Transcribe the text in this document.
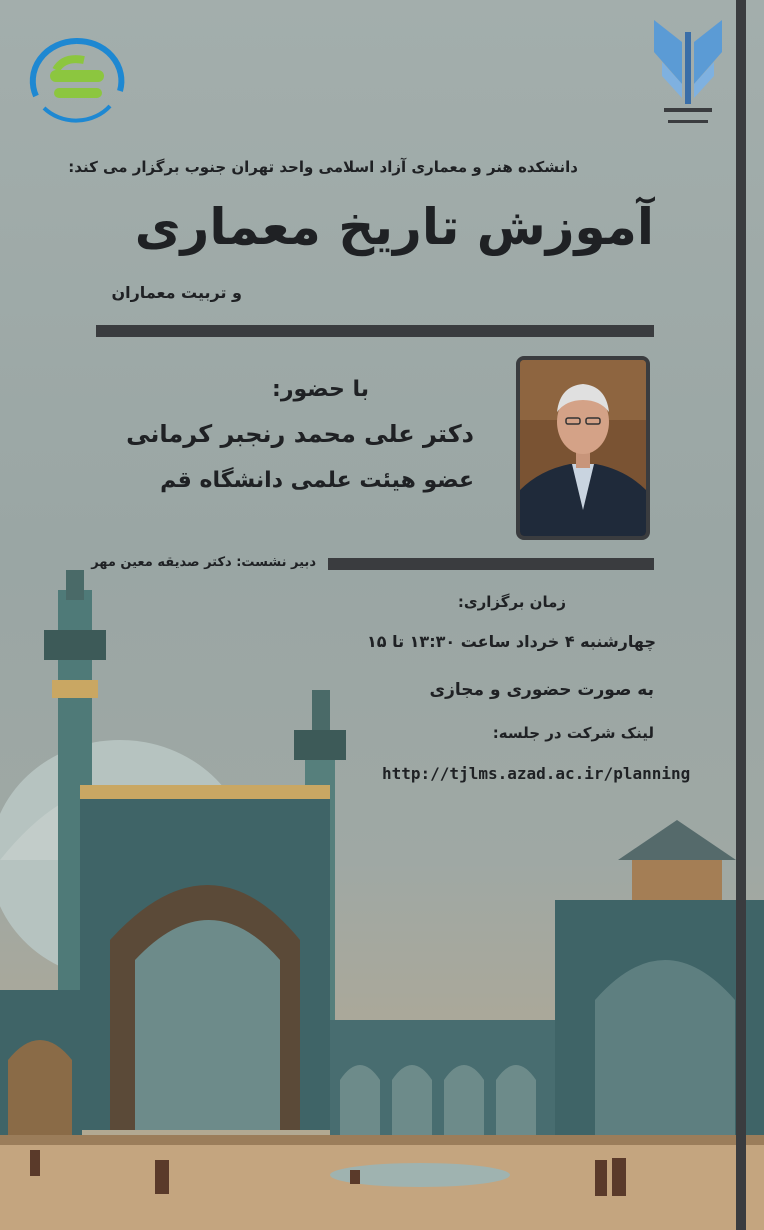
دانشکده هنر و معماری آزاد اسلامی واحد تهران جنوب برگزار می کند:
آموزش تاریخ معماری
و تربیت معماران
با حضور:
دکتر علی محمد رنجبر کرمانی
عضو هیئت علمی دانشگاه قم
دبیر نشست: دکتر صدیقه معین مهر
زمان برگزاری:
چهارشنبه ۴ خرداد ساعت ۱۳:۳۰ تا ۱۵
به صورت حضوری و مجازی
لینک شرکت در جلسه:
http://tjlms.azad.ac.ir/planning
